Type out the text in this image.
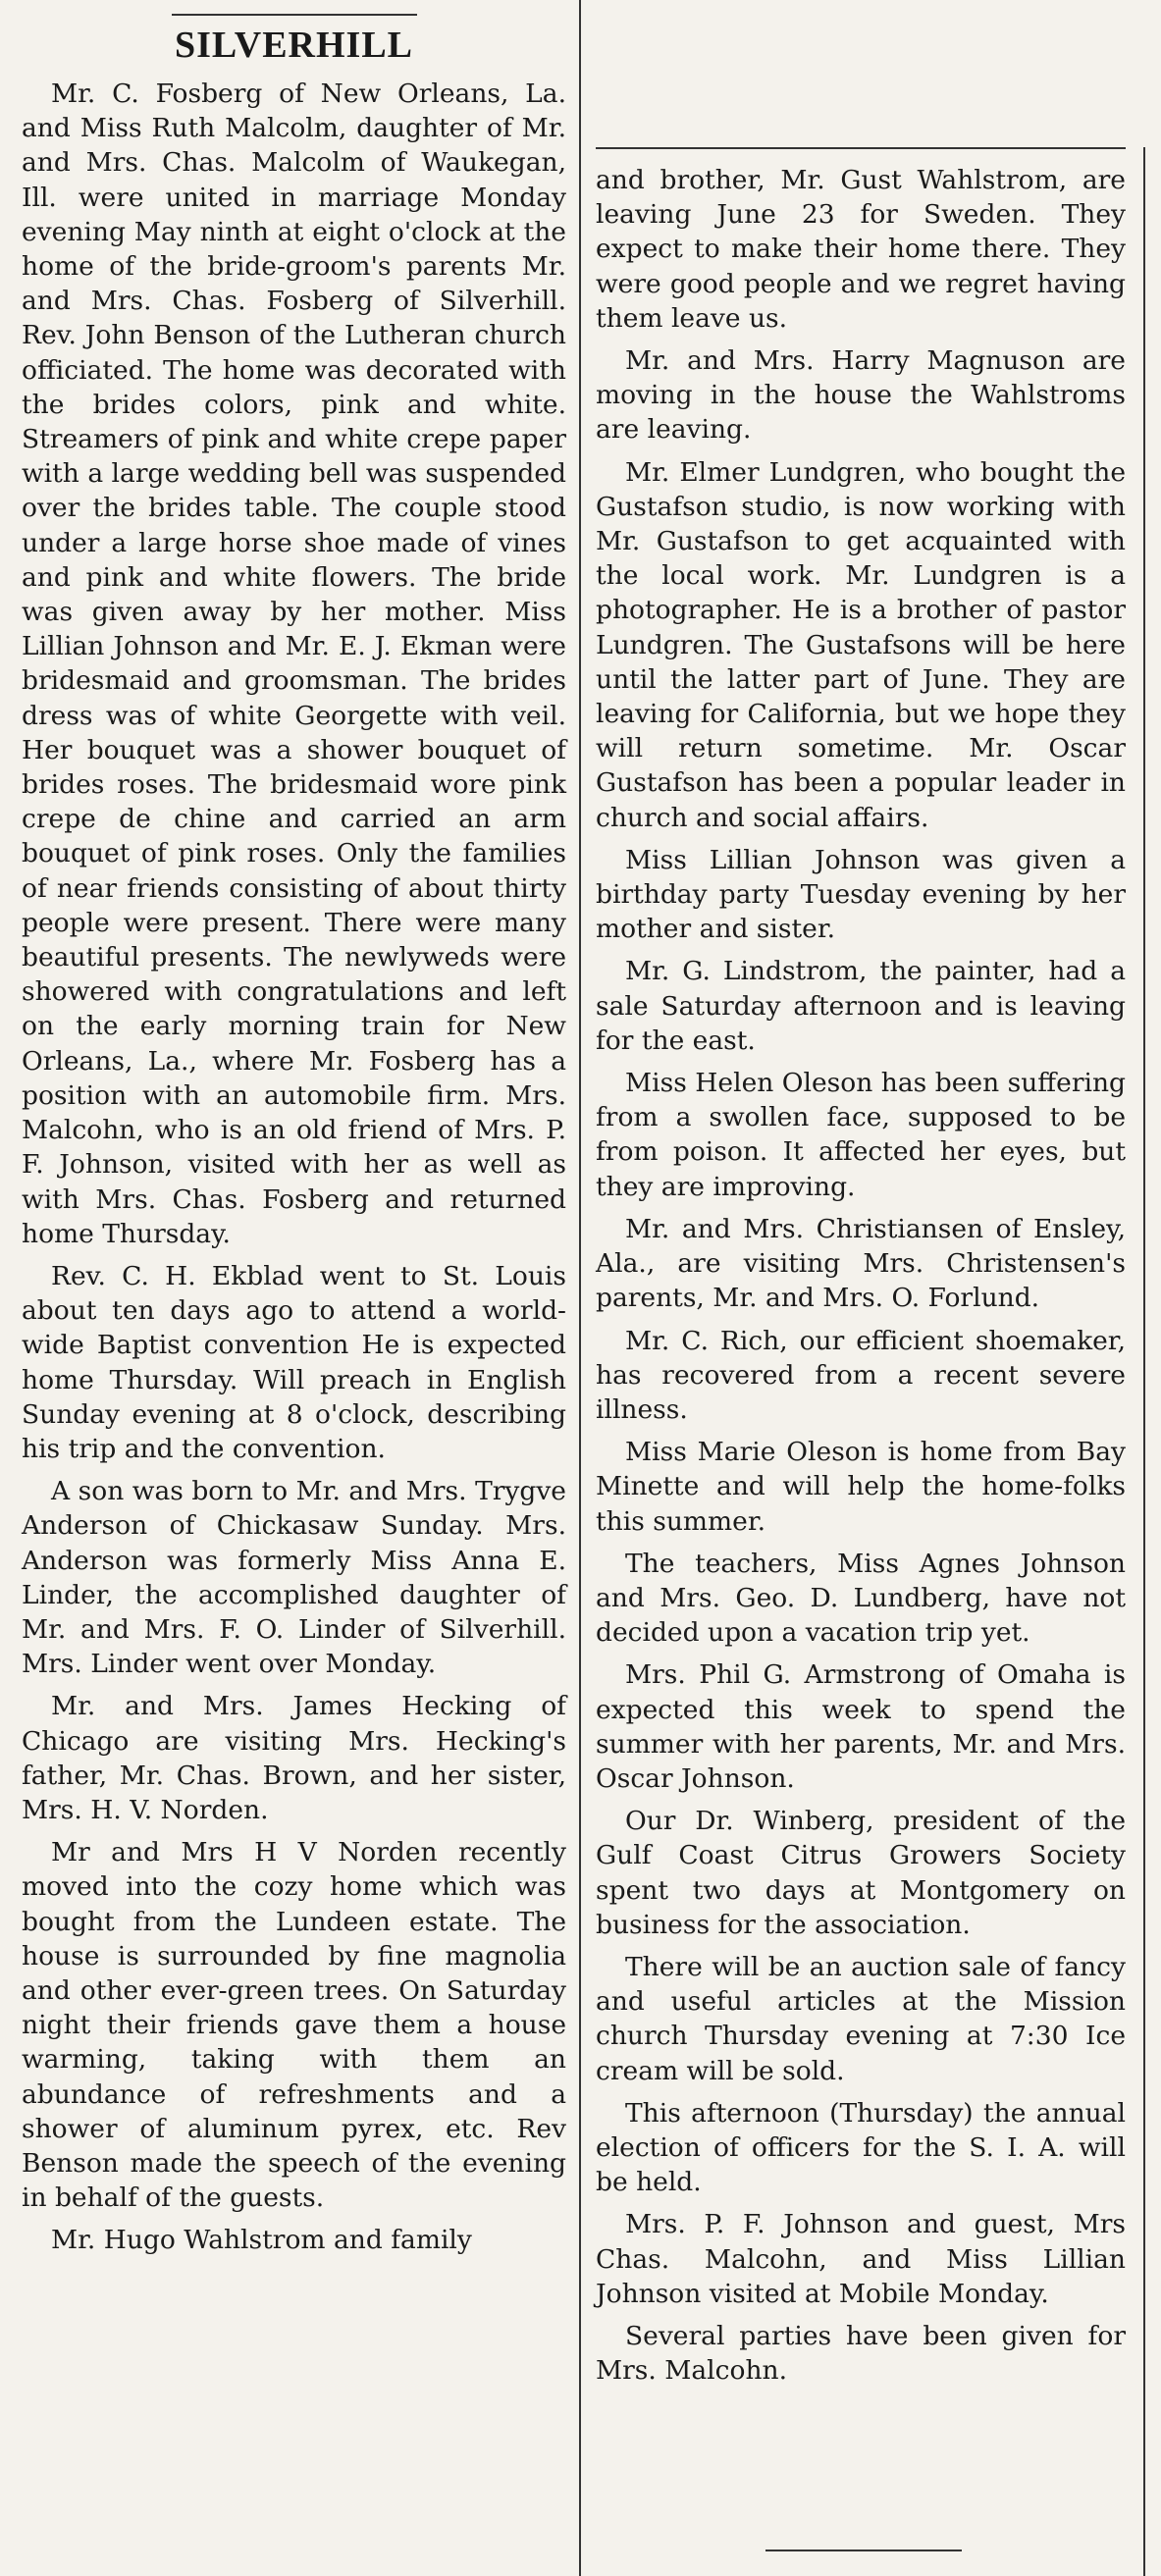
SILVERHILL

Mr. C. Fosberg of New Orleans, La. and Miss Ruth Malcolm, daughter of Mr. and Mrs. Chas. Malcolm of Waukegan, Ill. were united in marriage Monday evening May ninth at eight o'clock at the home of the bride-groom's parents Mr. and Mrs. Chas. Fosberg of Silverhill. Rev. John Benson of the Lutheran church officiated. The home was decorated with the brides colors, pink and white. Streamers of pink and white crepe paper with a large wedding bell was suspended over the brides table. The couple stood under a large horse shoe made of vines and pink and white flowers. The bride was given away by her mother. Miss Lillian Johnson and Mr. E. J. Ekman were bridesmaid and groomsman. The brides dress was of white Georgette with veil. Her bouquet was a shower bouquet of brides roses. The bridesmaid wore pink crepe de chine and carried an arm bouquet of pink roses. Only the families of near friends consisting of about thirty people were present. There were many beautiful presents. The newlyweds were showered with congratulations and left on the early morning train for New Orleans, La., where Mr. Fosberg has a position with an automobile firm. Mrs. Malcohn, who is an old friend of Mrs. P. F. Johnson, visited with her as well as with Mrs. Chas. Fosberg and returned home Thursday.

Rev. C. H. Ekblad went to St. Louis about ten days ago to attend a world-wide Baptist convention He is expected home Thursday. Will preach in English Sunday evening at 8 o'clock, describing his trip and the convention.

A son was born to Mr. and Mrs. Trygve Anderson of Chickasaw Sunday. Mrs. Anderson was formerly Miss Anna E. Linder, the accomplished daughter of Mr. and Mrs. F. O. Linder of Silverhill. Mrs. Linder went over Monday.

Mr. and Mrs. James Hecking of Chicago are visiting Mrs. Hecking's father, Mr. Chas. Brown, and her sister, Mrs. H. V. Norden.

Mr and Mrs H V Norden recently moved into the cozy home which was bought from the Lundeen estate. The house is surrounded by fine magnolia and other ever-green trees. On Saturday night their friends gave them a house warming, taking with them an abundance of refreshments and a shower of aluminum pyrex, etc. Rev Benson made the speech of the evening in behalf of the guests.

Mr. Hugo Wahlstrom and family

and brother, Mr. Gust Wahlstrom, are leaving June 23 for Sweden. They expect to make their home there. They were good people and we regret having them leave us.

Mr. and Mrs. Harry Magnuson are moving in the house the Wahlstroms are leaving.

Mr. Elmer Lundgren, who bought the Gustafson studio, is now working with Mr. Gustafson to get acquainted with the local work. Mr. Lundgren is a photographer. He is a brother of pastor Lundgren. The Gustafsons will be here until the latter part of June. They are leaving for California, but we hope they will return sometime. Mr. Oscar Gustafson has been a popular leader in church and social affairs.

Miss Lillian Johnson was given a birthday party Tuesday evening by her mother and sister.

Mr. G. Lindstrom, the painter, had a sale Saturday afternoon and is leaving for the east.

Miss Helen Oleson has been suffering from a swollen face, supposed to be from poison. It affected her eyes, but they are improving.

Mr. and Mrs. Christiansen of Ensley, Ala., are visiting Mrs. Christensen's parents, Mr. and Mrs. O. Forlund.

Mr. C. Rich, our efficient shoemaker, has recovered from a recent severe illness.

Miss Marie Oleson is home from Bay Minette and will help the home-folks this summer.

The teachers, Miss Agnes Johnson and Mrs. Geo. D. Lundberg, have not decided upon a vacation trip yet.

Mrs. Phil G. Armstrong of Omaha is expected this week to spend the summer with her parents, Mr. and Mrs. Oscar Johnson.

Our Dr. Winberg, president of the Gulf Coast Citrus Growers Society spent two days at Montgomery on business for the association.

There will be an auction sale of fancy and useful articles at the Mission church Thursday evening at 7:30 Ice cream will be sold.

This afternoon (Thursday) the annual election of officers for the S. I. A. will be held.

Mrs. P. F. Johnson and guest, Mrs Chas. Malcohn, and Miss Lillian Johnson visited at Mobile Monday.

Several parties have been given for Mrs. Malcohn.
